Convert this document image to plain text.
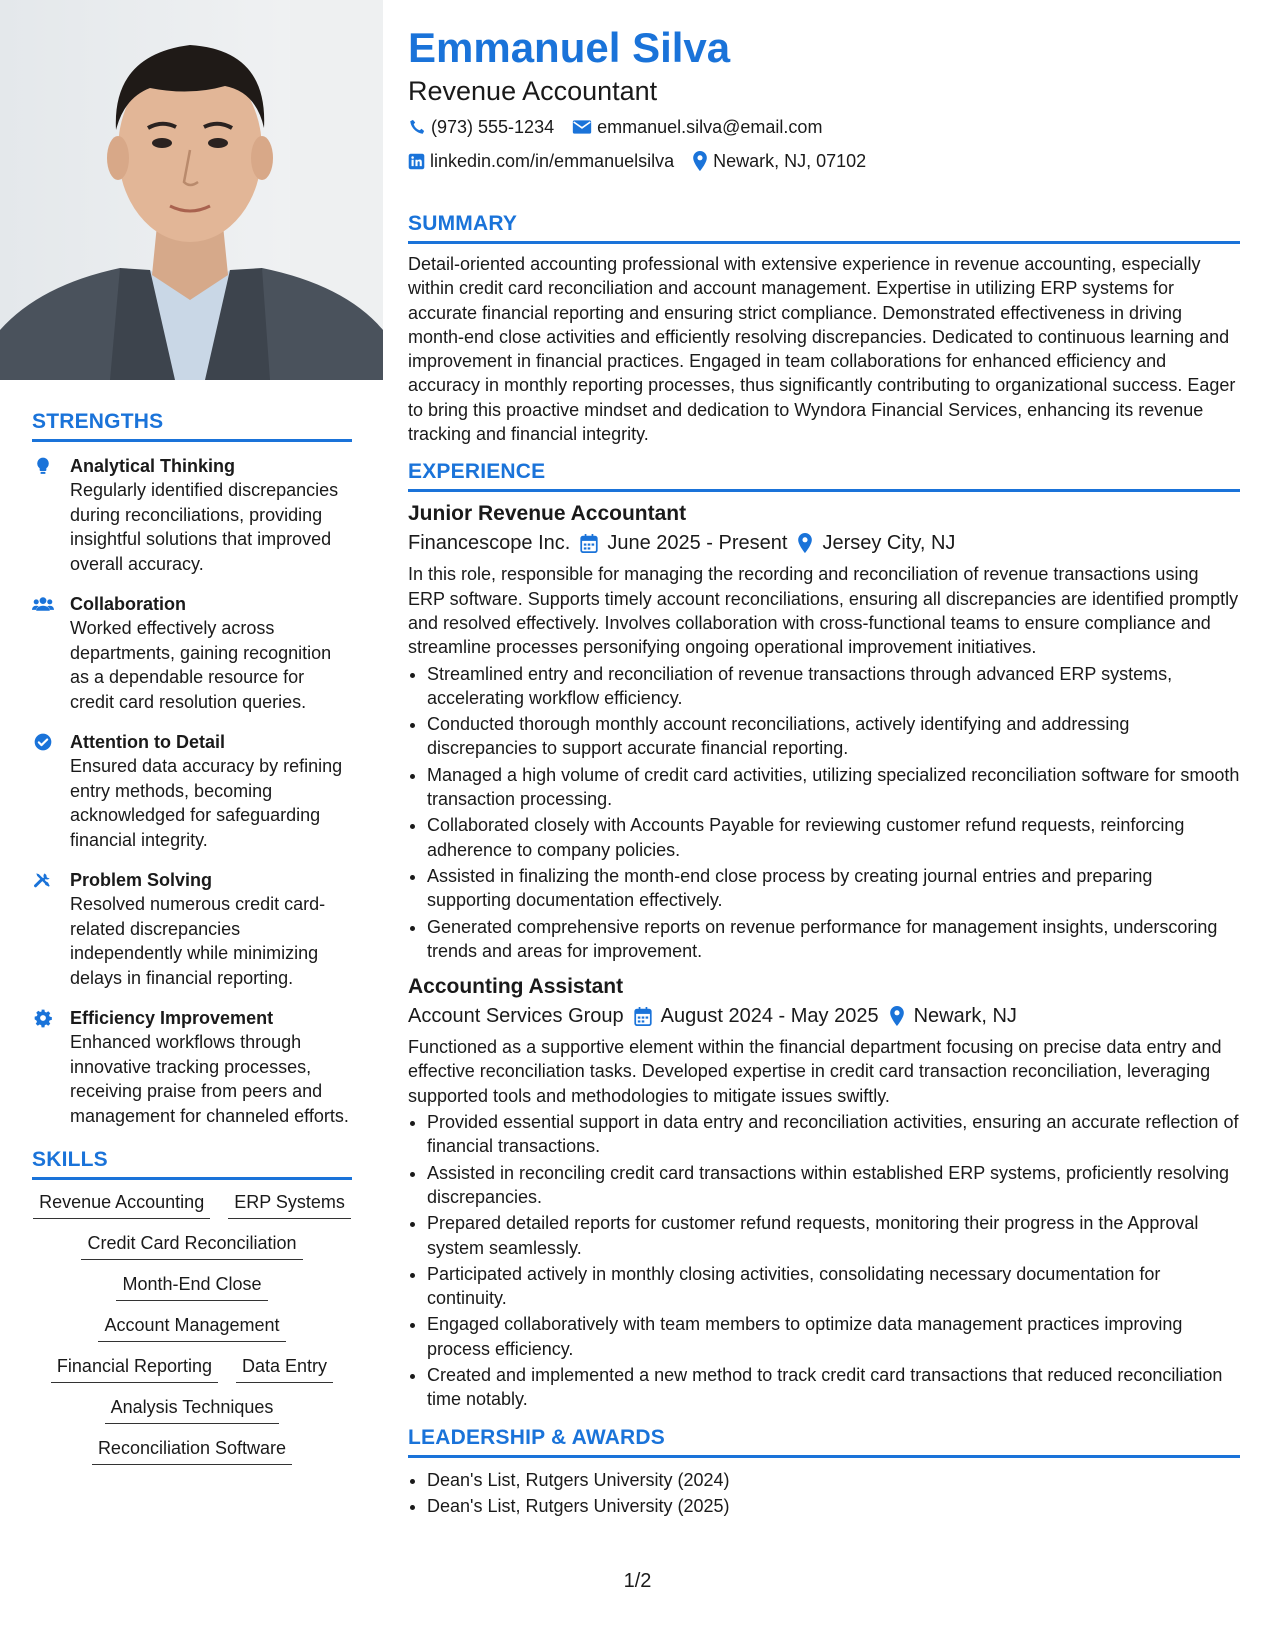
STRENGTHS
Analytical Thinking
Regularly identified discrepancies during reconciliations, providing insightful solutions that improved overall accuracy.
Collaboration
Worked effectively across departments, gaining recognition as a dependable resource for credit card resolution queries.
Attention to Detail
Ensured data accuracy by refining entry methods, becoming acknowledged for safeguarding financial integrity.
Problem Solving
Resolved numerous credit card-related discrepancies independently while minimizing delays in financial reporting.
Efficiency Improvement
Enhanced workflows through innovative tracking processes, receiving praise from peers and management for channeled efforts.
SKILLS
Revenue Accounting	ERP Systems
Credit Card Reconciliation
Month-End Close
Account Management
Financial Reporting	Data Entry
Analysis Techniques
Reconciliation Software
Emmanuel Silva
Revenue Accountant
(973) 555-1234 emmanuel.silva@email.com
linkedin.com/in/emmanuelsilva Newark, NJ, 07102
SUMMARY
Detail-oriented accounting professional with extensive experience in revenue accounting, especially within credit card reconciliation and account management. Expertise in utilizing ERP systems for accurate financial reporting and ensuring strict compliance. Demonstrated effectiveness in driving month-end close activities and efficiently resolving discrepancies. Dedicated to continuous learning and improvement in financial practices. Engaged in team collaborations for enhanced efficiency and accuracy in monthly reporting processes, thus significantly contributing to organizational success. Eager to bring this proactive mindset and dedication to Wyndora Financial Services, enhancing its revenue tracking and financial integrity.
EXPERIENCE
Junior Revenue Accountant
Financescope Inc. June 2025 - Present Jersey City, NJ
In this role, responsible for managing the recording and reconciliation of revenue transactions using ERP software. Supports timely account reconciliations, ensuring all discrepancies are identified promptly and resolved effectively. Involves collaboration with cross-functional teams to ensure compliance and streamline processes personifying ongoing operational improvement initiatives.
• Streamlined entry and reconciliation of revenue transactions through advanced ERP systems, accelerating workflow efficiency.
• Conducted thorough monthly account reconciliations, actively identifying and addressing discrepancies to support accurate financial reporting.
• Managed a high volume of credit card activities, utilizing specialized reconciliation software for smooth transaction processing.
• Collaborated closely with Accounts Payable for reviewing customer refund requests, reinforcing adherence to company policies.
• Assisted in finalizing the month-end close process by creating journal entries and preparing supporting documentation effectively.
• Generated comprehensive reports on revenue performance for management insights, underscoring trends and areas for improvement.
Accounting Assistant
Account Services Group August 2024 - May 2025 Newark, NJ
Functioned as a supportive element within the financial department focusing on precise data entry and effective reconciliation tasks. Developed expertise in credit card transaction reconciliation, leveraging supported tools and methodologies to mitigate issues swiftly.
• Provided essential support in data entry and reconciliation activities, ensuring an accurate reflection of financial transactions.
• Assisted in reconciling credit card transactions within established ERP systems, proficiently resolving discrepancies.
• Prepared detailed reports for customer refund requests, monitoring their progress in the Approval system seamlessly.
• Participated actively in monthly closing activities, consolidating necessary documentation for continuity.
• Engaged collaboratively with team members to optimize data management practices improving process efficiency.
• Created and implemented a new method to track credit card transactions that reduced reconciliation time notably.
LEADERSHIP & AWARDS
• Dean's List, Rutgers University (2024)
• Dean's List, Rutgers University (2025)
1/2
